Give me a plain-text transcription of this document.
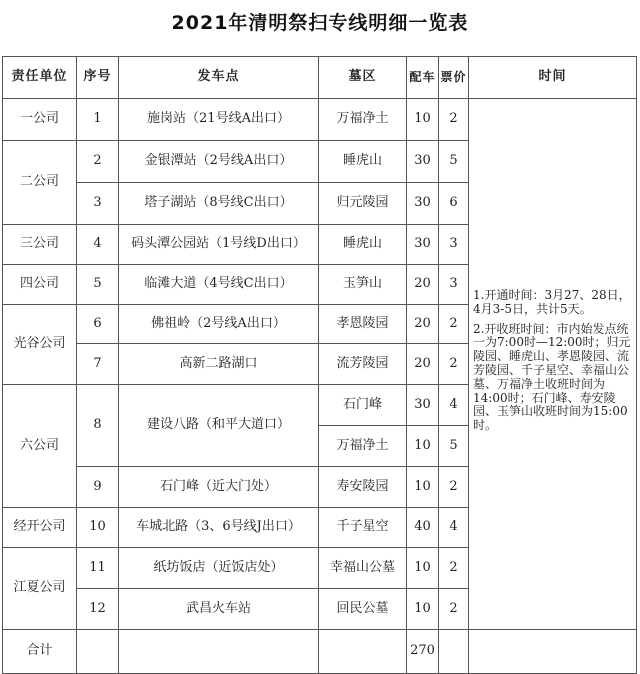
2021年清明祭扫专线明细一览表
责任单位	序号	发车点	墓区	配车	票价	时间
一公司	1	施岗站（21号线A出口）	万福净土	10	2	1.开通时间：3月27、28日，4月3-5日，共计5天。

2.开收班时间：市内始发点统一为7:00时—12:00时；归元陵园、睡虎山、孝恩陵园、流芳陵园、千子星空、幸福山公墓、万福净土收班时间为14:00时；石门峰、寿安陵园、玉笋山收班时间为15:00时。

二公司	2	金银潭站（2号线A出口）	睡虎山	30	5	
	3	塔子湖站（8号线C出口）	归元陵园	30	6	
三公司	4	码头潭公园站（1号线D出口）	睡虎山	30	3	
四公司	5	临滩大道（4号线C出口）	玉笋山	20	3	
光谷公司	6	佛祖岭（2号线A出口）	孝恩陵园	20	2	
	7	高新二路湖口	流芳陵园	20	2	
六公司	8	建设八路（和平大道口）	石门峰	30	4	
			万福净土	10	5	
	9	石门峰（近大门处）	寿安陵园	10	2	
经开公司	10	车城北路（3、6号线J出口）	千子星空	40	4	
江夏公司	11	纸坊饭店（近饭店处）	幸福山公墓	10	2	
	12	武昌火车站	回民公墓	10	2	
合计				270		
